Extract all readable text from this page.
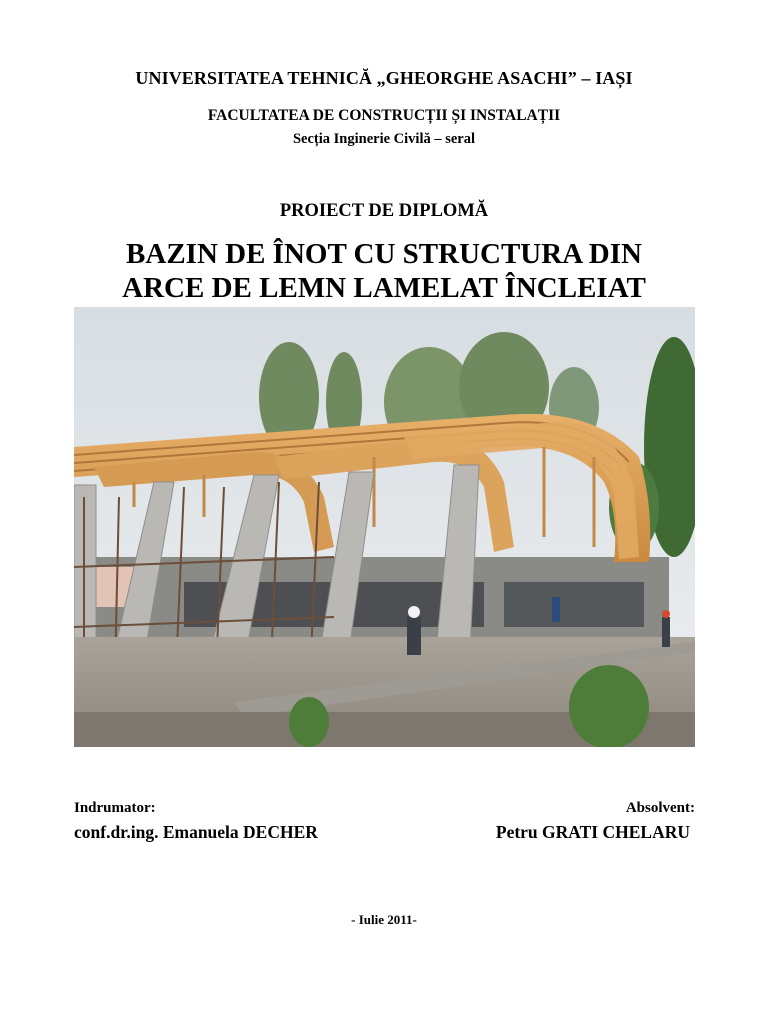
UNIVERSITATEA TEHNICĂ „GHEORGHE ASACHI” – IAȘI
FACULTATEA DE CONSTRUCȚII ȘI INSTALAȚII
Secția Inginerie Civilă – seral
PROIECT DE DIPLOMĂ
BAZIN DE ÎNOT CU STRUCTURA DIN
ARCE DE LEMN LAMELAT ÎNCLEIAT
Indrumator:
conf.dr.ing. Emanuela DECHER
Absolvent:
Petru GRATI CHELARU
- Iulie 2011-
